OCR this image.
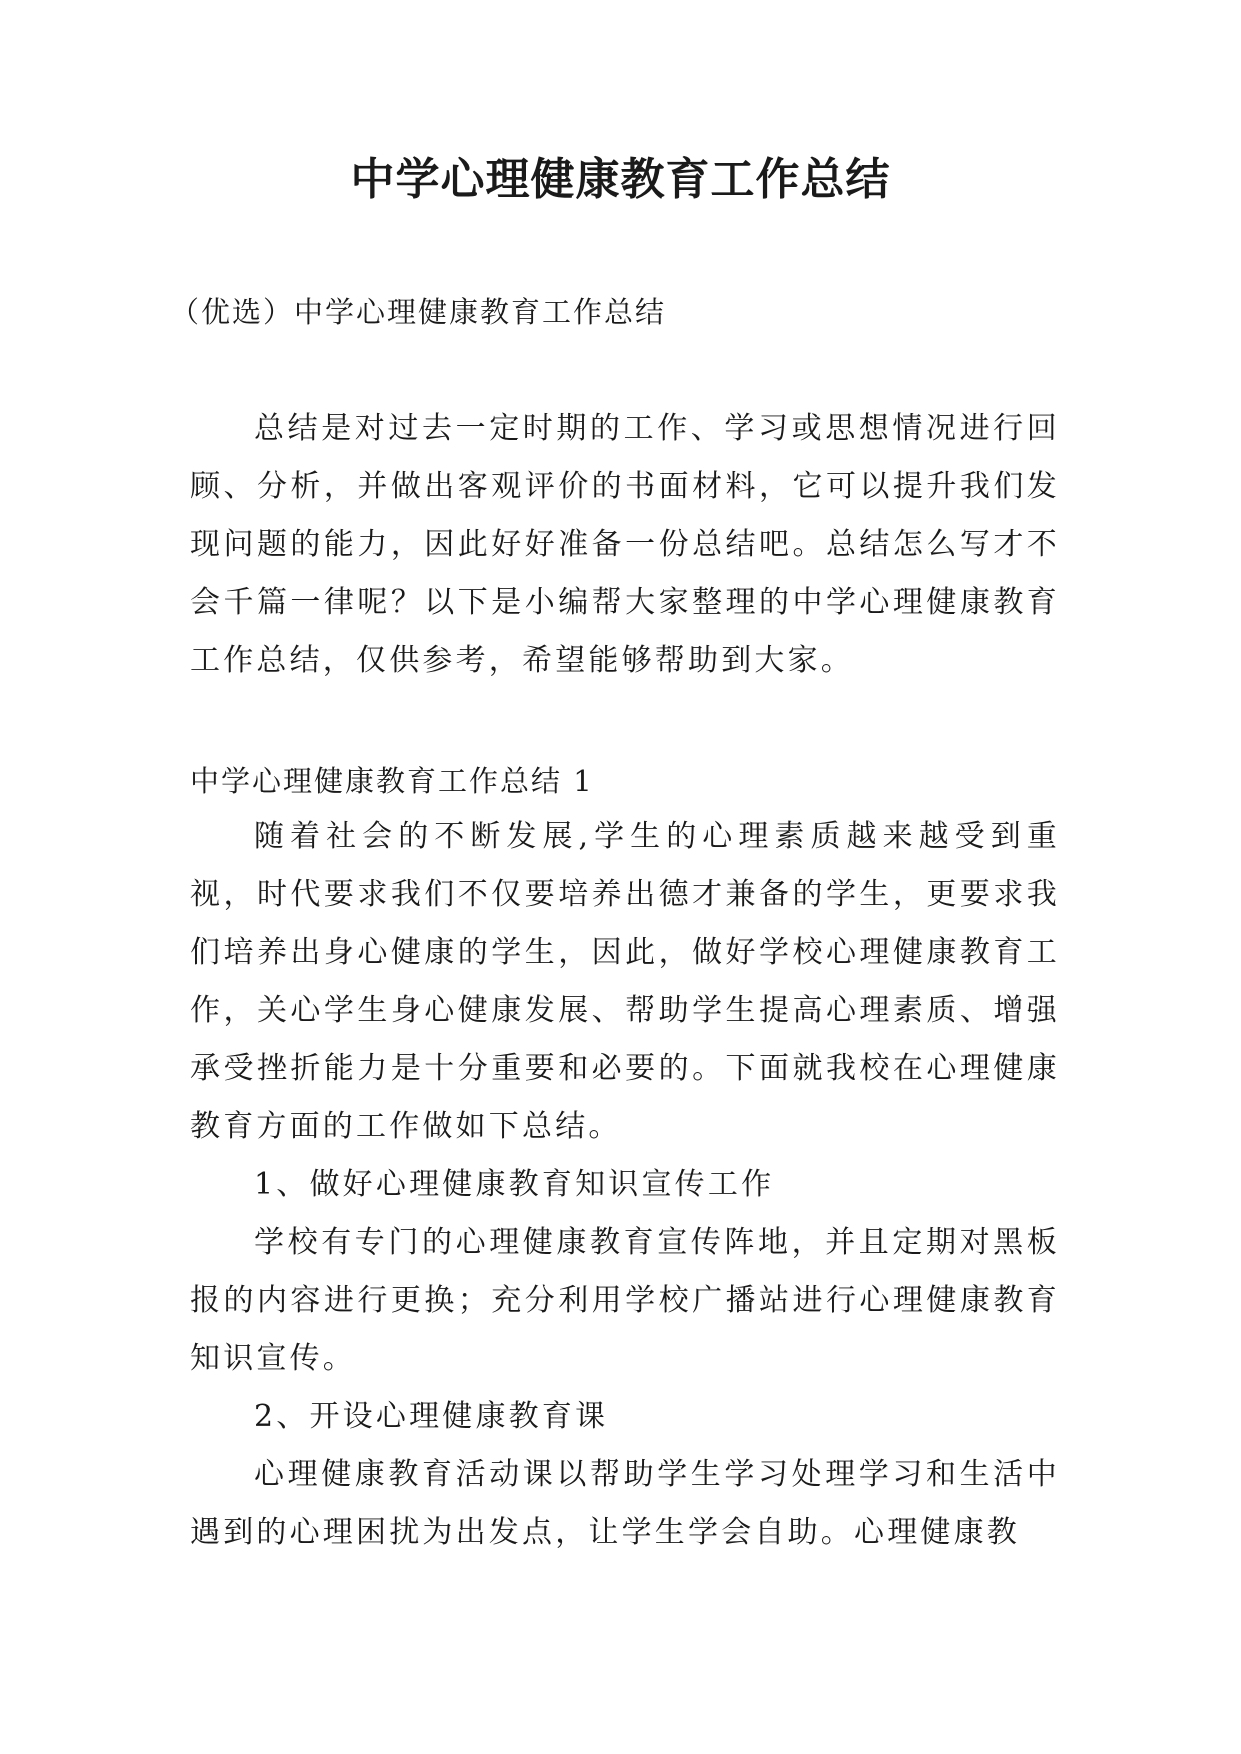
中学心理健康教育工作总结
（优选）中学心理健康教育工作总结

总结是对过去一定时期的工作、学习或思想情况进行回顾、分析，并做出客观评价的书面材料，它可以提升我们发现问题的能力，因此好好准备一份总结吧。总结怎么写才不会千篇一律呢？以下是小编帮大家整理的中学心理健康教育工作总结，仅供参考，希望能够帮助到大家。

中学心理健康教育工作总结 1

随着社会的不断发展,学生的心理素质越来越受到重视，时代要求我们不仅要培养出德才兼备的学生，更要求我们培养出身心健康的学生，因此，做好学校心理健康教育工作，关心学生身心健康发展、帮助学生提高心理素质、增强承受挫折能力是十分重要和必要的。下面就我校在心理健康教育方面的工作做如下总结。

1、做好心理健康教育知识宣传工作

学校有专门的心理健康教育宣传阵地，并且定期对黑板报的内容进行更换；充分利用学校广播站进行心理健康教育知识宣传。

2、开设心理健康教育课

心理健康教育活动课以帮助学生学习处理学习和生活中遇到的心理困扰为出发点，让学生学会自助。心理健康教
